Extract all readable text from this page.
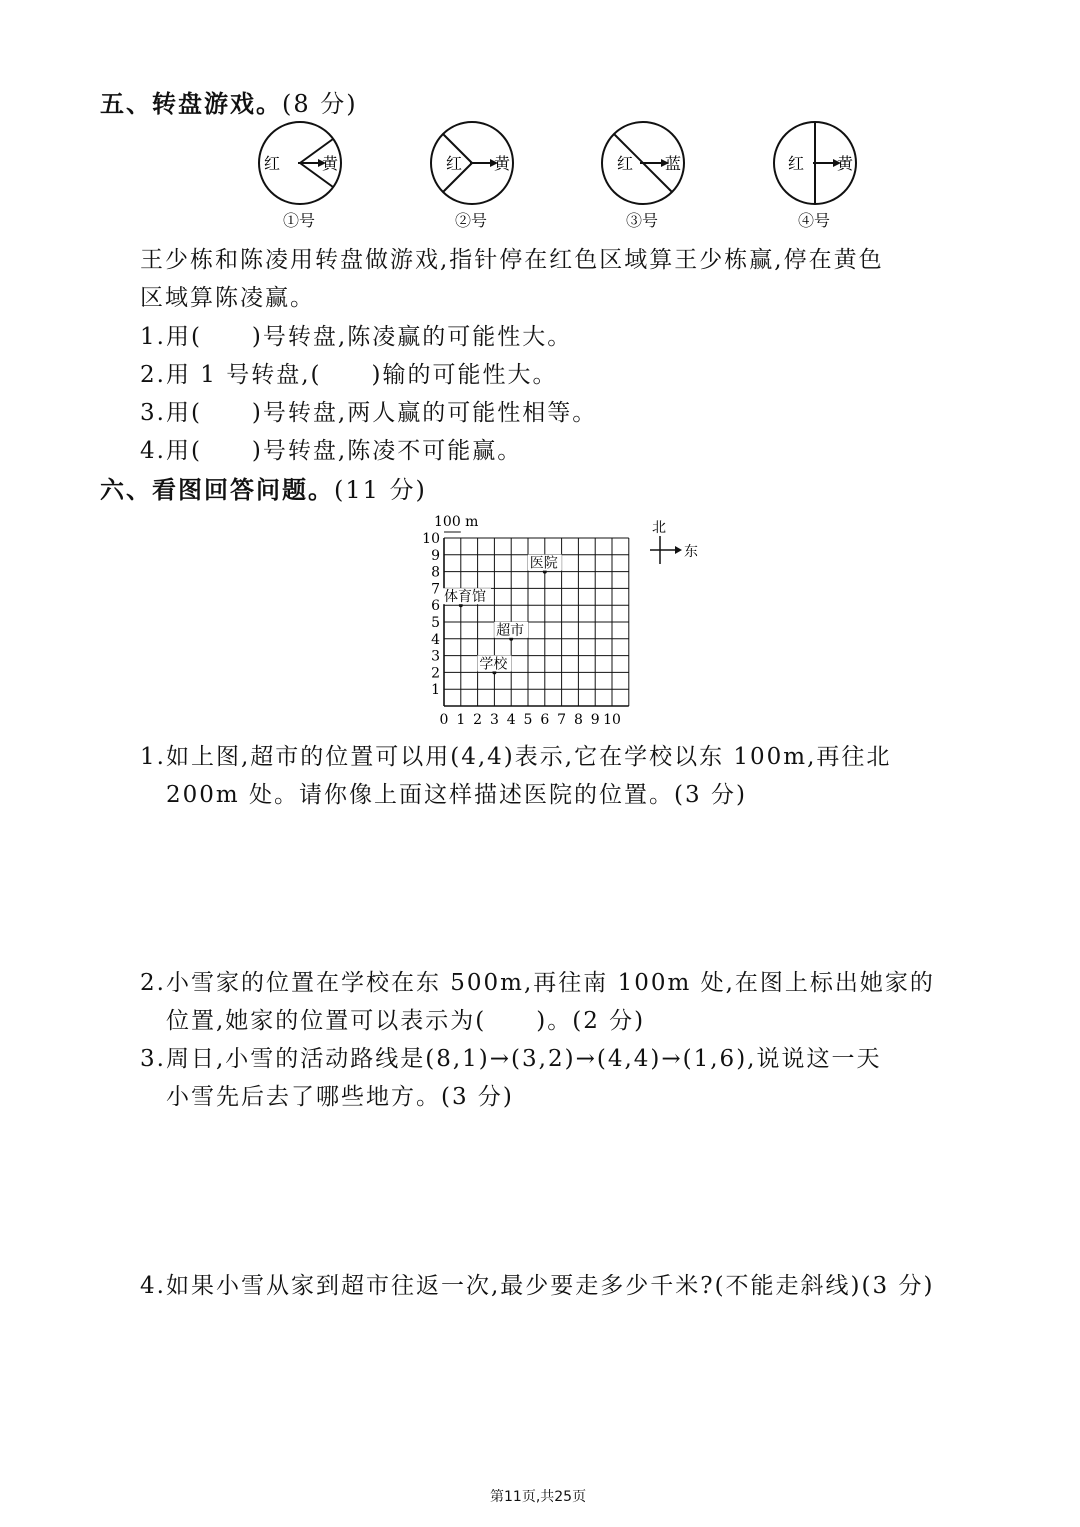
五、转盘游戏。(8 分)
红	黄
①号
红 黄
②号
红 蓝
③号
红 黄
④号
王少栋和陈凌用转盘做游戏,指针停在红色区域算王少栋赢,停在黄色
区域算陈凌赢。
1.用(　　)号转盘,陈凌赢的可能性大。
2.用 1 号转盘,(　　)输的可能性大。
3.用(　　)号转盘,两人赢的可能性相等。
4.用(　　)号转盘,陈凌不可能赢。
六、看图回答问题。(11 分)
100 m
0 1 2 3 4 5 6 7 8 9 10
1
2
3
4
5
6
7
8
9
10
医院
体育馆
超市
学校
北
东
1.如上图,超市的位置可以用(4,4)表示,它在学校以东 100m,再往北
200m 处。请你像上面这样描述医院的位置。(3 分)
2.小雪家的位置在学校在东 500m,再往南 100m 处,在图上标出她家的
位置,她家的位置可以表示为(　　)。(2 分)
3.周日,小雪的活动路线是(8,1)→(3,2)→(4,4)→(1,6),说说这一天
小雪先后去了哪些地方。(3 分)
4.如果小雪从家到超市往返一次,最少要走多少千米?(不能走斜线)(3 分)
第11页,共25页
